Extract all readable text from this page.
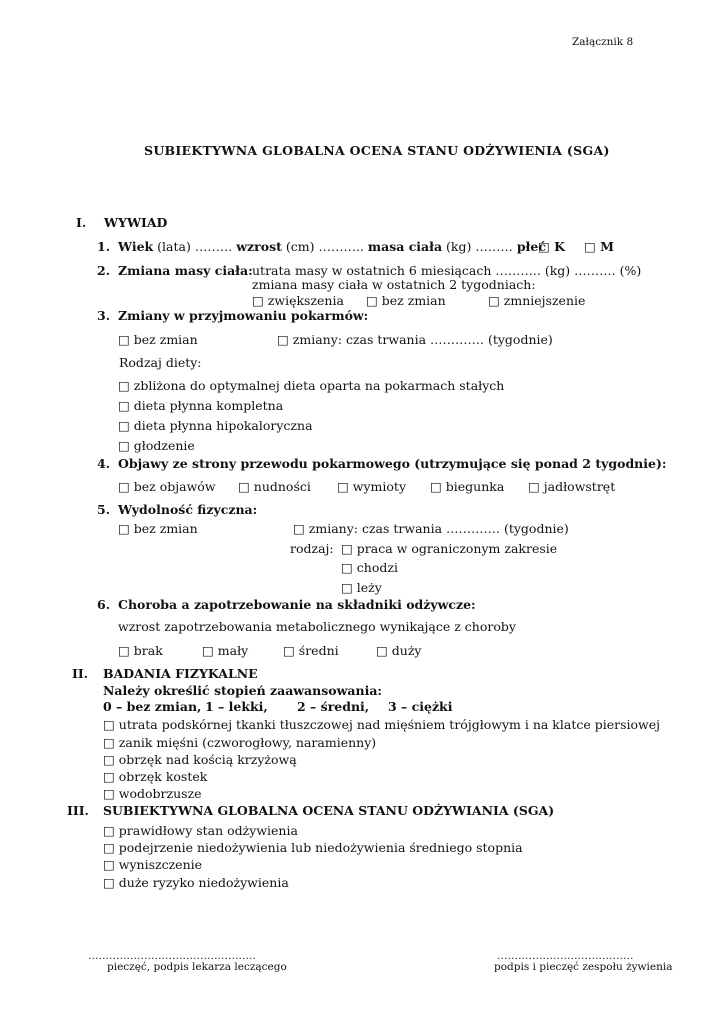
Załącznik 8
SUBIEKTYWNA GLOBALNA OCENA STANU ODŻYWIENIA (SGA)
I. WYWIAD
1. Wiek (lata) ……… wzrost (cm) ……….. masa ciała (kg) ……… płeć
□ K □ M
2. Zmiana masy ciała: utrata masy w ostatnich 6 miesiącach ……….. (kg) ………. (%)
zmiana masy ciała w ostatnich 2 tygodniach:
□ zwiększenia □ bez zmian	□ zmniejszenie
3. Zmiany w przyjmowaniu pokarmów:
□ bez zmian	□ zmiany: czas trwania …………. (tygodnie)
Rodzaj diety:
□ zbliżona do optymalnej dieta oparta na pokarmach stałych
□ dieta płynna kompletna
□ dieta płynna hipokaloryczna
□ głodzenie
4. Objawy ze strony przewodu pokarmowego (utrzymujące się ponad 2 tygodnie):
□ bez objawów □ nudności □ wymioty □ biegunka □ jadłowstręt
5. Wydolność fizyczna:
□ bez zmian	□ zmiany: czas trwania …………. (tygodnie)
rodzaj: □ praca w ograniczonym zakresie
□ chodzi
□ leży
6. Choroba a zapotrzebowanie na składniki odżywcze:
wzrost zapotrzebowania metabolicznego wynikające z choroby
□ brak	□ mały	□ średni	□ duży
II. BADANIA FIZYKALNE
Należy określić stopień zaawansowania:
0 – bez zmian, 1 – lekki, 2 – średni, 3 – ciężki
□ utrata podskórnej tkanki tłuszczowej nad mięśniem trójgłowym i na klatce piersiowej
□ zanik mięśni (czworogłowy, naramienny)
□ obrzęk nad kością krzyżową
□ obrzęk kostek
□ wodobrzusze
III. SUBIEKTYWNA GLOBALNA OCENA STANU ODŻYWIANIA (SGA)
□ prawidłowy stan odżywienia
□ podejrzenie niedożywienia lub niedożywienia średniego stopnia
□ wyniszczenie
□ duże ryzyko niedożywienia
…………………………………………
pieczęć, podpis lekarza leczącego
…………………………………
podpis i pieczęć zespołu żywienia
